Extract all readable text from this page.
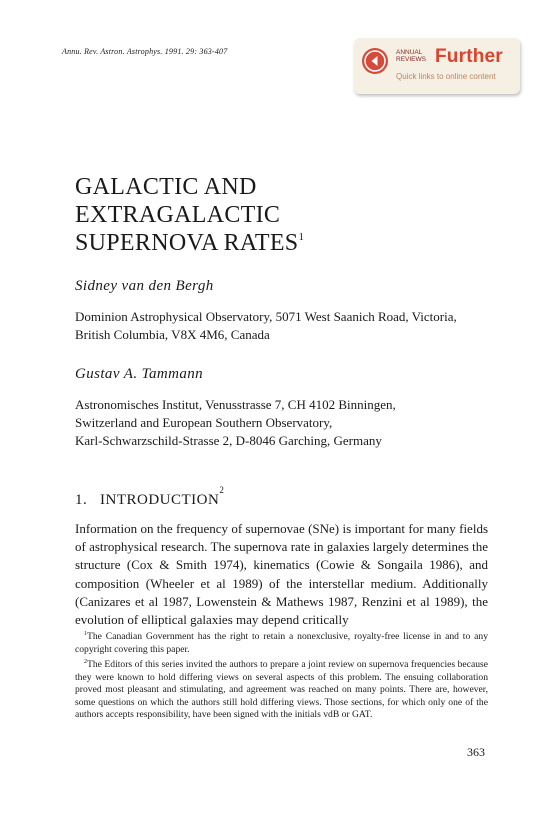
Annu. Rev. Astron. Astrophys. 1991. 29: 363-407	ANNUAL
REVIEWS Further
Quick links to online content
GALACTIC AND
EXTRAGALACTIC
SUPERNOVA RATES$^1$
Sidney van den Bergh
Dominion Astrophysical Observatory, 5071 West Saanich Road, Victoria,
British Columbia, V8X 4M6, Canada
Gustav A. Tammann
Astronomisches Institut, Venusstrasse 7, CH 4102 Binningen,
Switzerland and European Southern Observatory,
Karl-Schwarzschild-Strasse 2, D-8046 Garching, Germany
1. INTRODUCTION$^2$
Information on the frequency of supernovae (SNe) is important for many fields of astrophysical research. The supernova rate in galaxies largely determines the structure (Cox & Smith 1974), kinematics (Cowie & Songaila 1986), and composition (Wheeler et al 1989) of the interstellar medium. Additionally (Canizares et al 1987, Lowenstein & Mathews 1987, Renzini et al 1989), the evolution of elliptical galaxies may depend critically

$^1$The Canadian Government has the right to retain a nonexclusive, royalty-free license in and to any copyright covering this paper.

$^2$The Editors of this series invited the authors to prepare a joint review on supernova frequencies because they were known to hold differing views on several aspects of this problem. The ensuing collaboration proved most pleasant and stimulating, and agreement was reached on many points. There are, however, some questions on which the authors still hold differing views. Those sections, for which only one of the authors accepts responsibility, have been signed with the initials vdB or GAT.

363
